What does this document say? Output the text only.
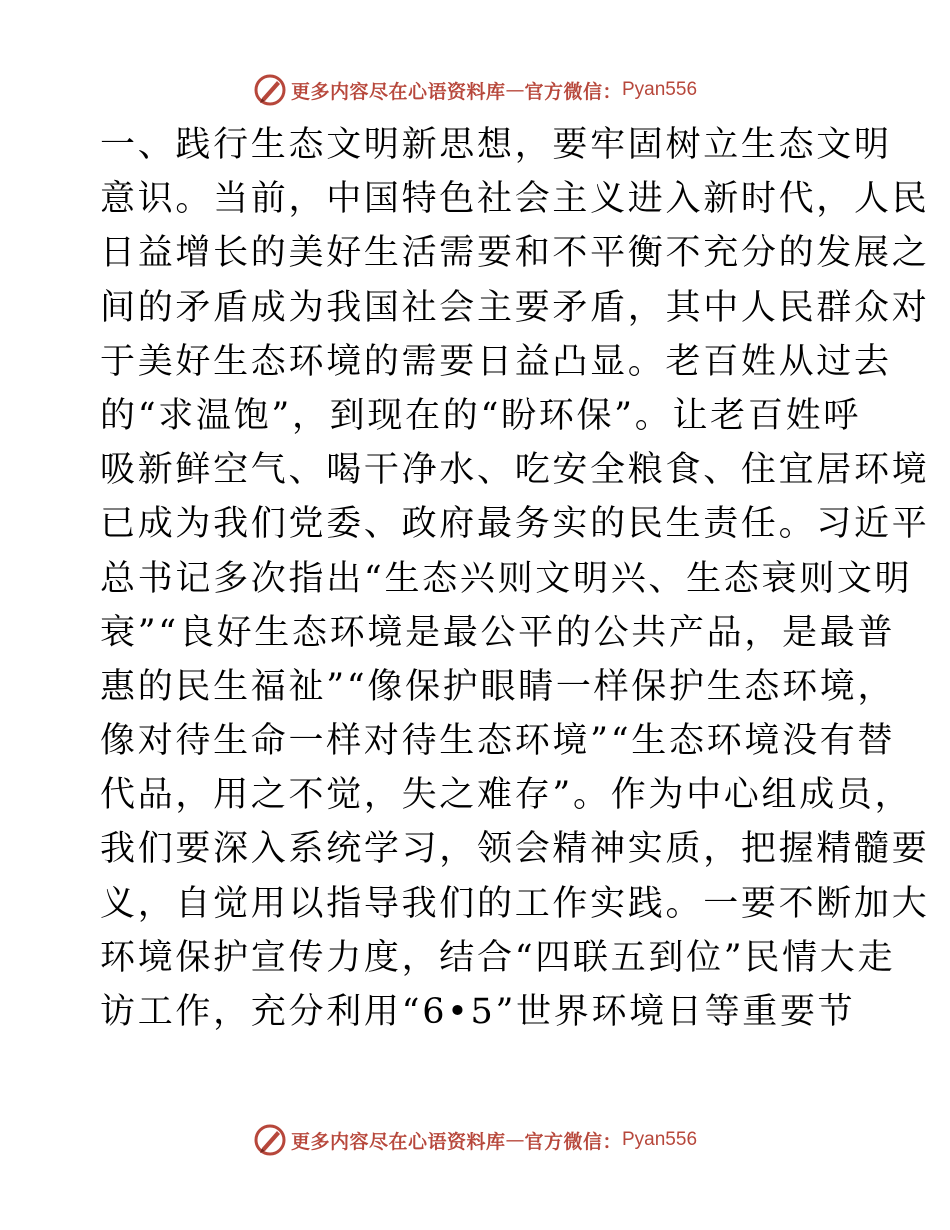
更多内容尽在心语资料库 — 官方微信： Pyan556
一、践行生态文明新思想，要牢固树立生态文明
意识。当前，中国特色社会主义进入新时代，人民
日益增长的美好生活需要和不平衡不充分的发展之
间的矛盾成为我国社会主要矛盾，其中人民群众对
于美好生态环境的需要日益凸显。老百姓从过去
的“求温饱”，到现在的“盼环保”。让老百姓呼
吸新鲜空气、喝干净水、吃安全粮食、住宜居环境
已成为我们党委、政府最务实的民生责任。习近平
总书记多次指出“生态兴则文明兴、生态衰则文明
衰”“良好生态环境是最公平的公共产品，是最普
惠的民生福祉”“像保护眼睛一样保护生态环境，
像对待生命一样对待生态环境”“生态环境没有替
代品，用之不觉，失之难存”。作为中心组成员，
我们要深入系统学习，领会精神实质，把握精髓要
义，自觉用以指导我们的工作实践。一要不断加大
环境保护宣传力度，结合“四联五到位”民情大走
访工作，充分利用“6•5”世界环境日等重要节
更多内容尽在心语资料库 — 官方微信： Pyan556
